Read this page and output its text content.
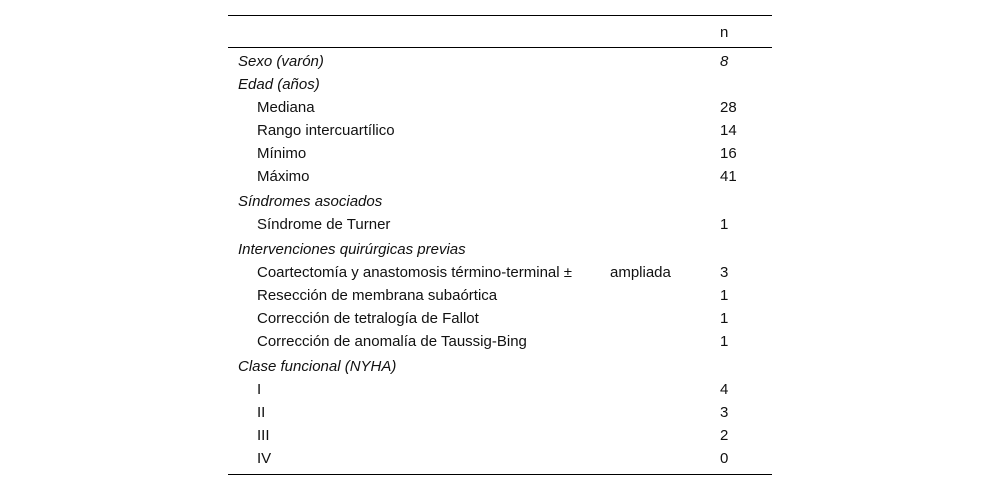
n
Sexo (varón)	8
Edad (años)
Mediana	28
Rango intercuartílico	14
Mínimo	16
Máximo	41
Síndromes asociados
Síndrome de Turner	1
Intervenciones quirúrgicas previas
Coartectomía y anastomosis término-terminal ±	ampliada	3
Resección de membrana subaórtica	1
Corrección de tetralogía de Fallot	1
Corrección de anomalía de Taussig-Bing	1
Clase funcional (NYHA)
I	4
II	3
III	2
IV	0
